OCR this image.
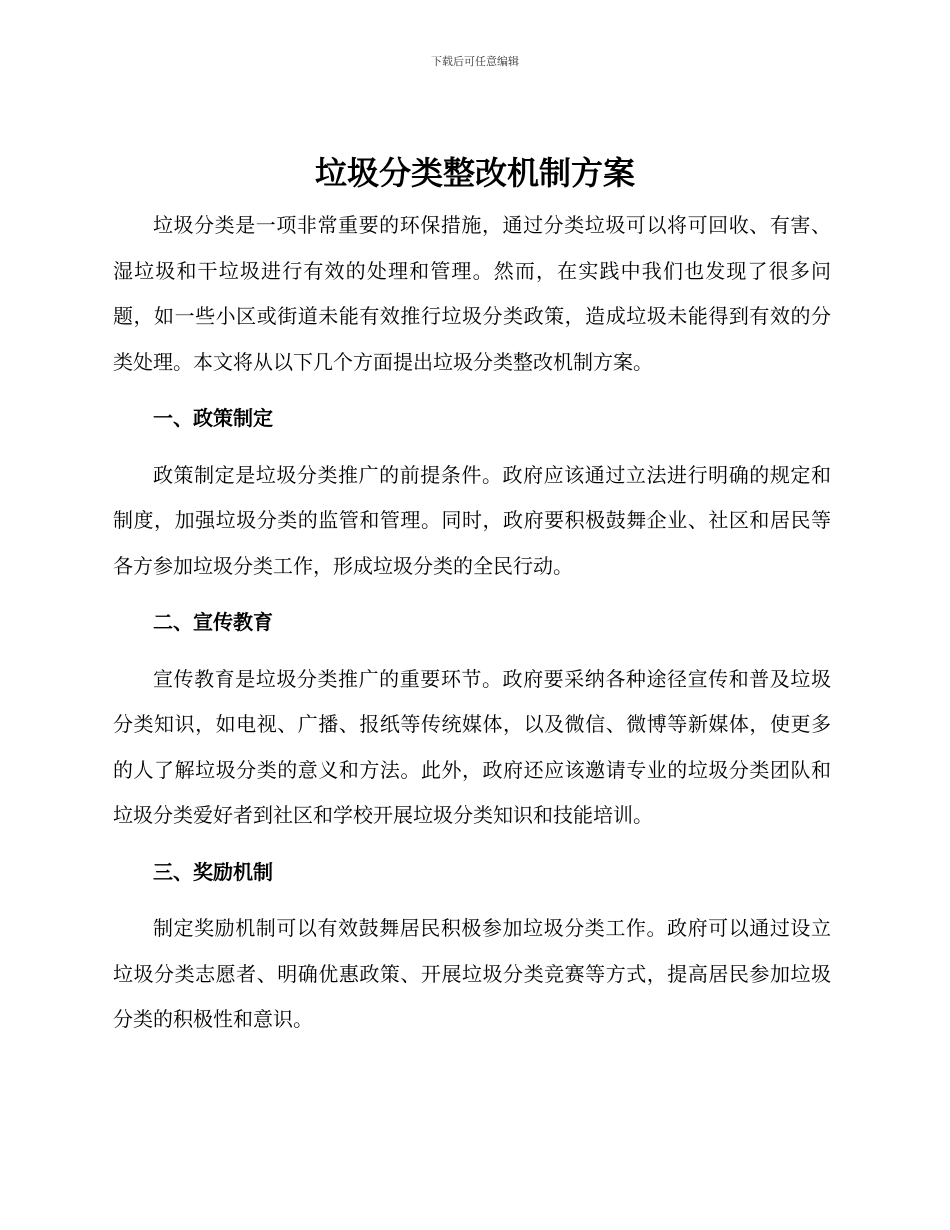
下载后可任意编辑
垃圾分类整改机制方案

垃圾分类是一项非常重要的环保措施，通过分类垃圾可以将可回收、有害、湿垃圾和干垃圾进行有效的处理和管理。然而，在实践中我们也发现了很多问题，如一些小区或街道未能有效推行垃圾分类政策，造成垃圾未能得到有效的分类处理。本文将从以下几个方面提出垃圾分类整改机制方案。

一、政策制定

政策制定是垃圾分类推广的前提条件。政府应该通过立法进行明确的规定和制度，加强垃圾分类的监管和管理。同时，政府要积极鼓舞企业、社区和居民等各方参加垃圾分类工作，形成垃圾分类的全民行动。

二、宣传教育

宣传教育是垃圾分类推广的重要环节。政府要采纳各种途径宣传和普及垃圾分类知识，如电视、广播、报纸等传统媒体，以及微信、微博等新媒体，使更多的人了解垃圾分类的意义和方法。此外，政府还应该邀请专业的垃圾分类团队和垃圾分类爱好者到社区和学校开展垃圾分类知识和技能培训。

三、奖励机制

制定奖励机制可以有效鼓舞居民积极参加垃圾分类工作。政府可以通过设立垃圾分类志愿者、明确优惠政策、开展垃圾分类竞赛等方式，提高居民参加垃圾分类的积极性和意识。
